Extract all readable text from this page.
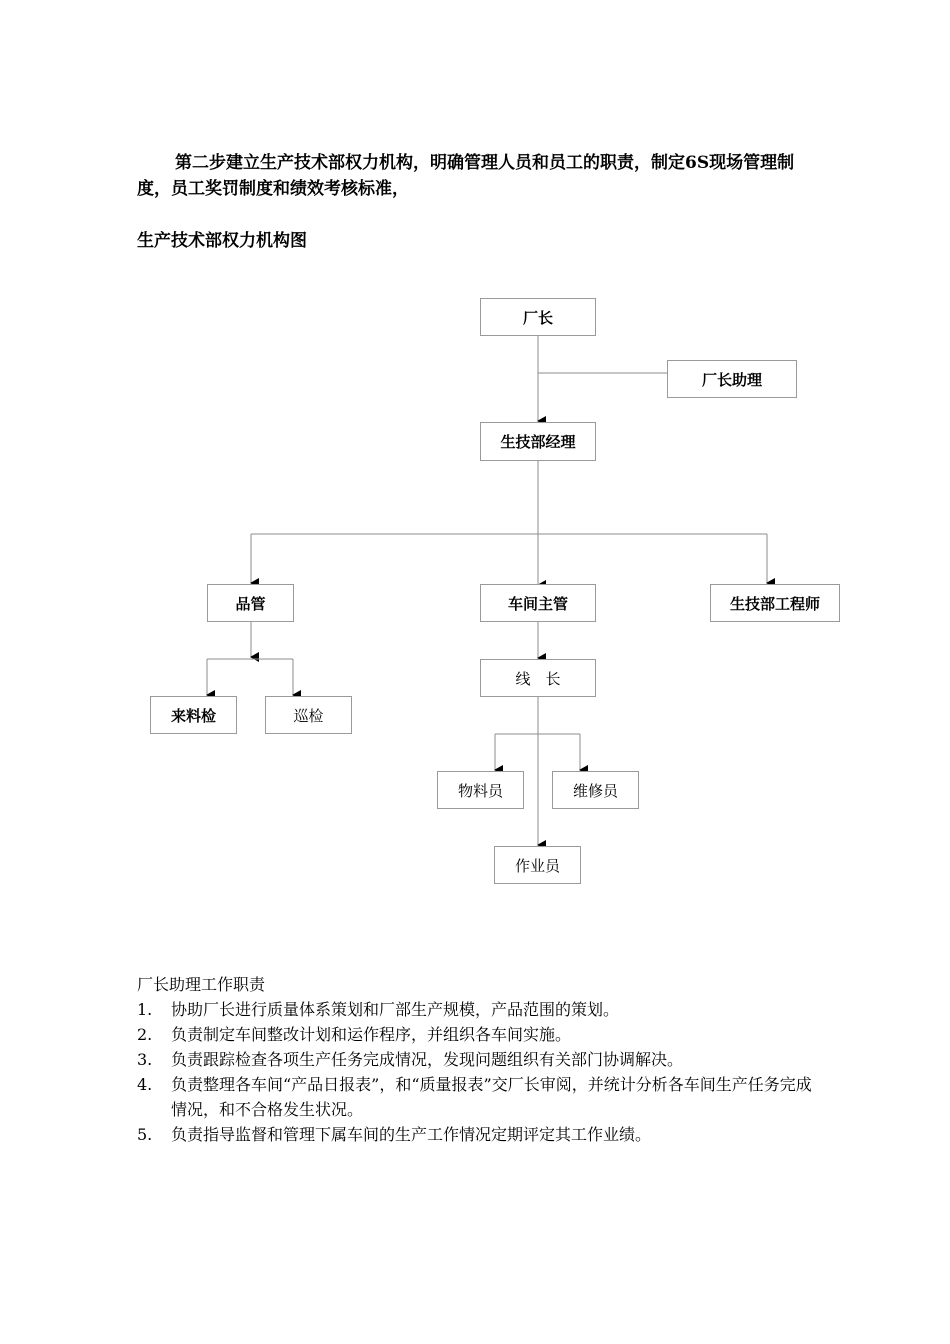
第二步建立生产技术部权力机构，明确管理人员和员工的职责，制定6S现场管理制度，员工奖罚制度和绩效考核标准，

生产技术部权力机构图

厂长
厂长助理
生技部经理
品管	车间主管	生技部工程师
来料检	巡检
线　长
物料员	维修员
作业员

厂长助理工作职责

1. 协助厂长进行质量体系策划和厂部生产规模，产品范围的策划。
2. 负责制定车间整改计划和运作程序，并组织各车间实施。
3. 负责跟踪检查各项生产任务完成情况，发现问题组织有关部门协调解决。
4. 负责整理各车间“产品日报表”，和“质量报表”交厂长审阅，并统计分析各车间生产任务完成情况，和不合格发生状况。
5. 负责指导监督和管理下属车间的生产工作情况定期评定其工作业绩。
